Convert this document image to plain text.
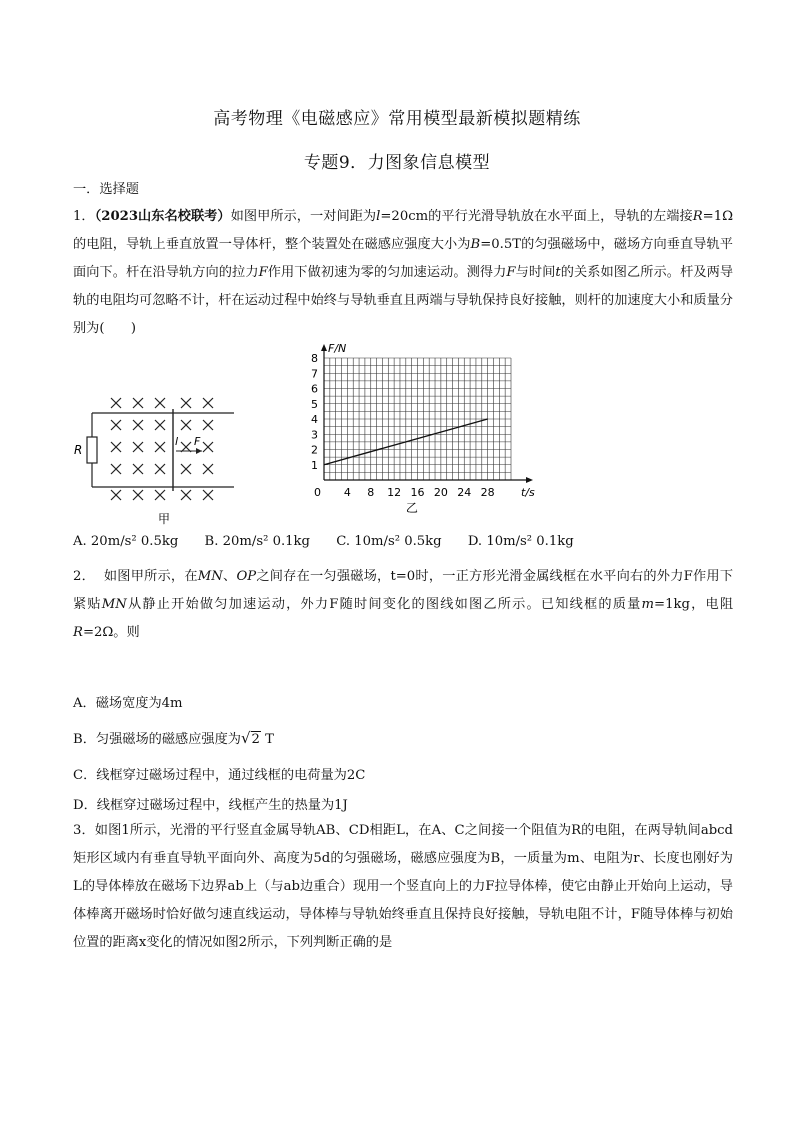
高考物理《电磁感应》常用模型最新模拟题精练
专题9．力图象信息模型
一．选择题
1．（2023山东名校联考）如图甲所示，一对间距为l=20cm的平行光滑导轨放在水平面上，导轨的左端接R=1Ω的电阻，导轨上垂直放置一导体杆，整个装置处在磁感应强度大小为B=0.5T的匀强磁场中，磁场方向垂直导轨平面向下。杆在沿导轨方向的拉力F作用下做初速为零的匀加速运动。测得力F与时间t的关系如图乙所示。杆及两导轨的电阻均可忽略不计，杆在运动过程中始终与导轨垂直且两端与导轨保持良好接触，则杆的加速度大小和质量分别为(　　)
R
l F
甲
4 8 12 16 20 24 28
1
2
3
4
5
6
7
8
0
F/N
t/s
乙
A. 20m/s² 0.5kg B. 20m/s² 0.1kg C. 10m/s² 0.5kg D. 10m/s² 0.1kg
2． 如图甲所示，在MN、OP之间存在一匀强磁场，t=0时，一正方形光滑金属线框在水平向右的外力F作用下紧贴MN从静止开始做匀加速运动，外力F随时间变化的图线如图乙所示。已知线框的质量m=1kg，电阻R=2Ω。则
A．磁场宽度为4m
B．匀强磁场的磁感应强度为√2 T
C．线框穿过磁场过程中，通过线框的电荷量为2C
D．线框穿过磁场过程中，线框产生的热量为1J
3．如图1所示，光滑的平行竖直金属导轨AB、CD相距L，在A、C之间接一个阻值为R的电阻，在两导轨间abcd矩形区域内有垂直导轨平面向外、高度为5d的匀强磁场，磁感应强度为B，一质量为m、电阻为r、长度也刚好为L的导体棒放在磁场下边界ab上（与ab边重合）现用一个竖直向上的力F拉导体棒，使它由静止开始向上运动，导体棒离开磁场时恰好做匀速直线运动，导体棒与导轨始终垂直且保持良好接触，导轨电阻不计，F随导体棒与初始位置的距离x变化的情况如图2所示，下列判断正确的是
